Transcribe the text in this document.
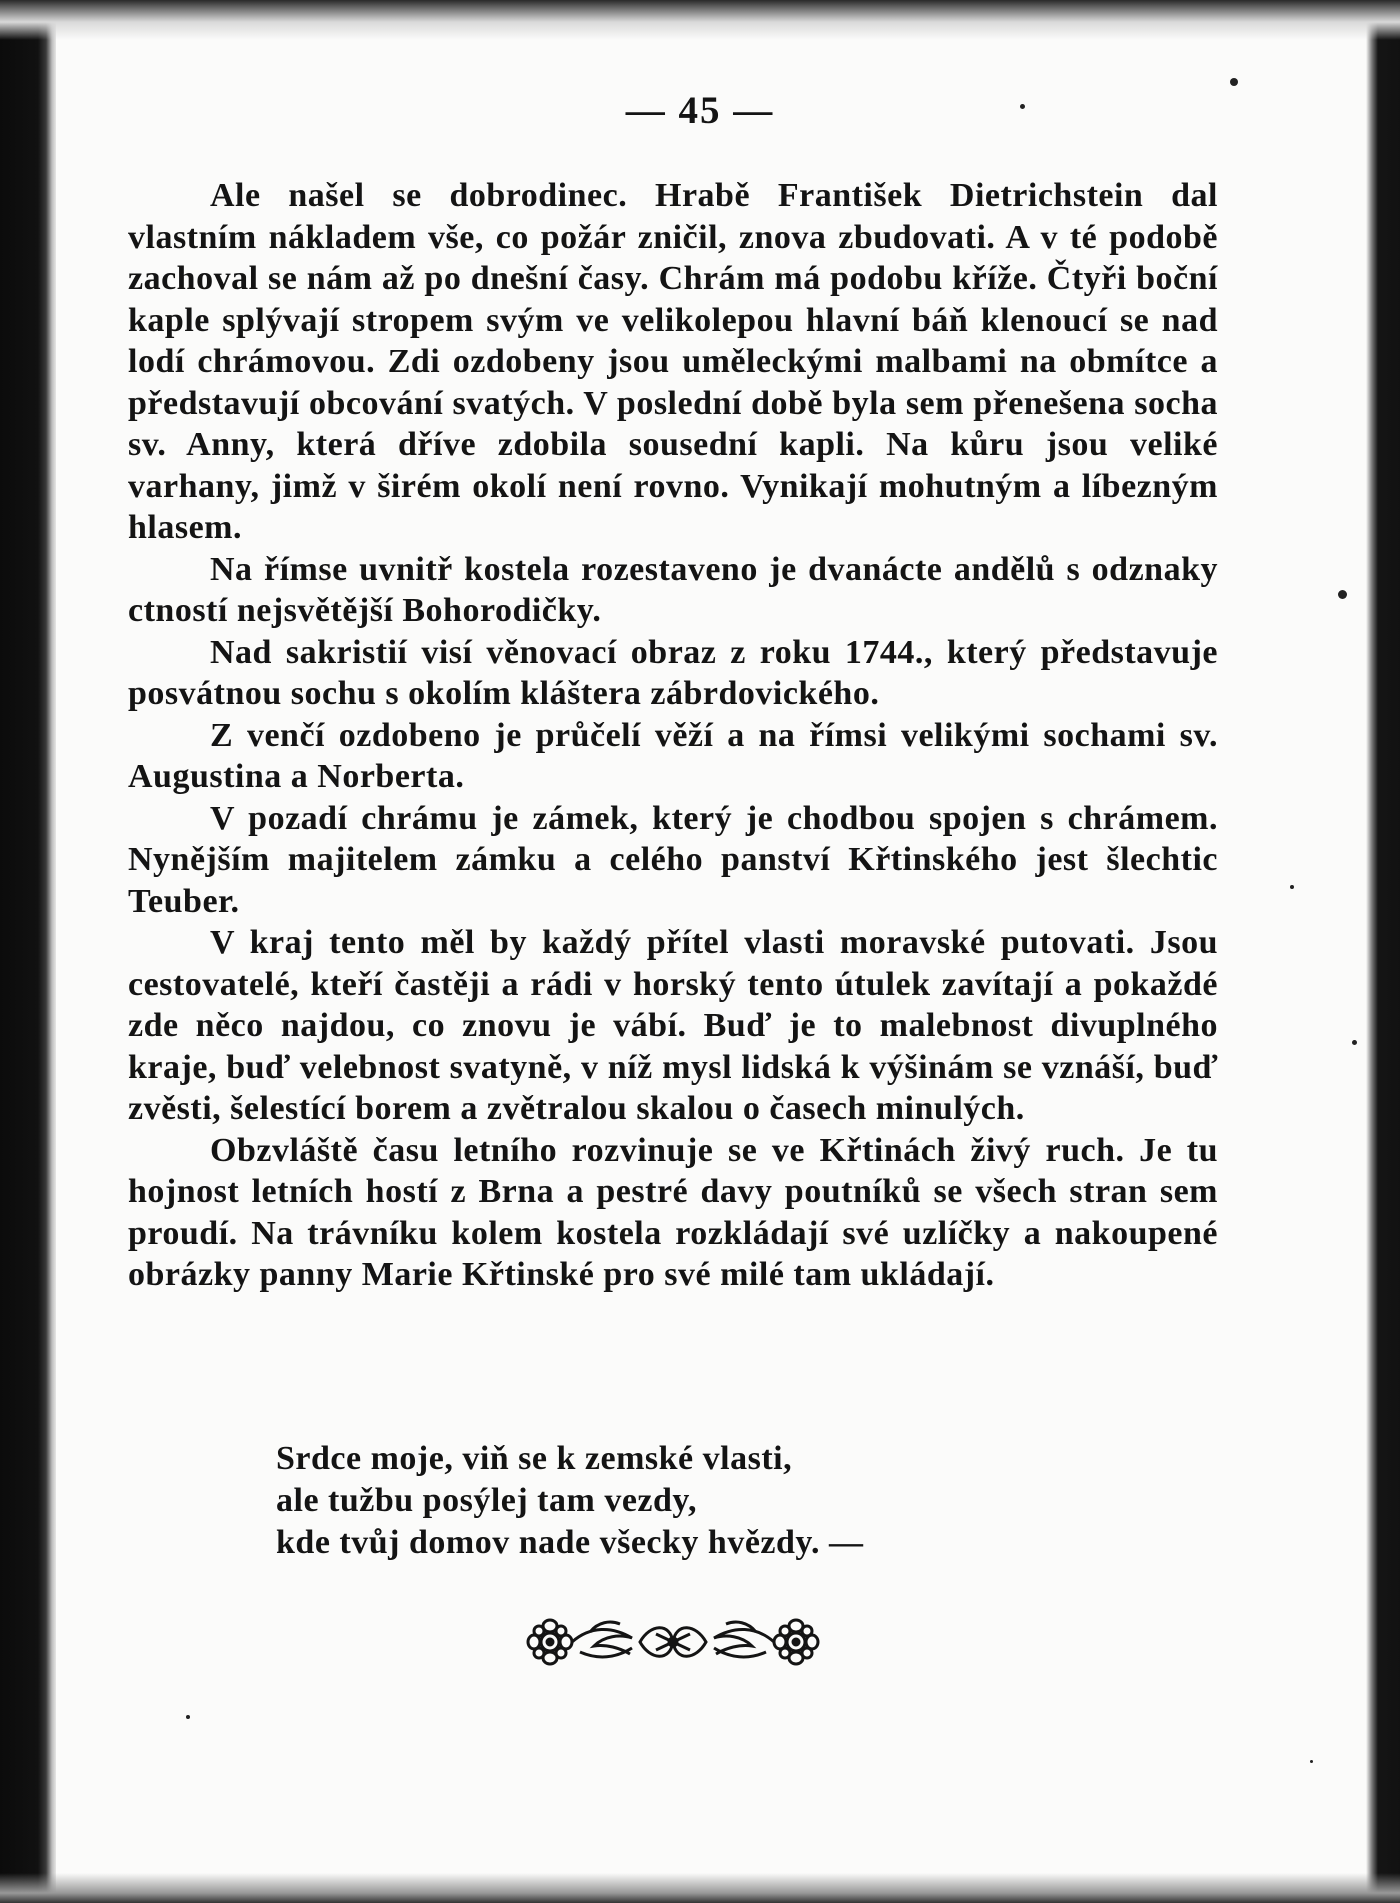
— 45 —

Ale našel se dobrodinec. Hrabě František Dietrichstein dal vlastním nákladem vše, co požár zničil, znova zbudovati. A v té podobě zachoval se nám až po dnešní časy. Chrám má podobu kříže. Čtyři boční kaple splývají stropem svým ve velikolepou hlavní báň klenoucí se nad lodí chrámovou. Zdi ozdobeny jsou uměleckými malbami na obmítce a představují obcování svatých. V poslední době byla sem přenešena socha sv. Anny, která dříve zdobila sousední kapli. Na kůru jsou veliké varhany, jimž v širém okolí není rovno. Vynikají mohutným a líbezným hlasem.

Na římse uvnitř kostela rozestaveno je dvanácte andělů s odznaky ctností nejsvětější Bohorodičky.

Nad sakristií visí věnovací obraz z roku 1744., který představuje posvátnou sochu s okolím kláštera zábrdovického.

Z venčí ozdobeno je průčelí věží a na římsi velikými sochami sv. Augustina a Norberta.

V pozadí chrámu je zámek, který je chodbou spojen s chrámem. Nynějším majitelem zámku a celého panství Křtinského jest šlechtic Teuber.

V kraj tento měl by každý přítel vlasti moravské putovati. Jsou cestovatelé, kteří častěji a rádi v horský tento útulek zavítají a pokaždé zde něco najdou, co znovu je vábí. Buď je to malebnost divuplného kraje, buď velebnost svatyně, v níž mysl lidská k výšinám se vznáší, buď zvěsti, šelestící borem a zvětralou skalou o časech minulých.

Obzvláště času letního rozvinuje se ve Křtinách živý ruch. Je tu hojnost letních hostí z Brna a pestré davy poutníků se všech stran sem proudí. Na trávníku kolem kostela rozkládají své uzlíčky a nakoupené obrázky panny Marie Křtinské pro své milé tam ukládají.

Srdce moje, viň se k zemské vlasti,
ale tužbu posýlej tam vezdy,
kde tvůj domov nade všecky hvězdy. —
